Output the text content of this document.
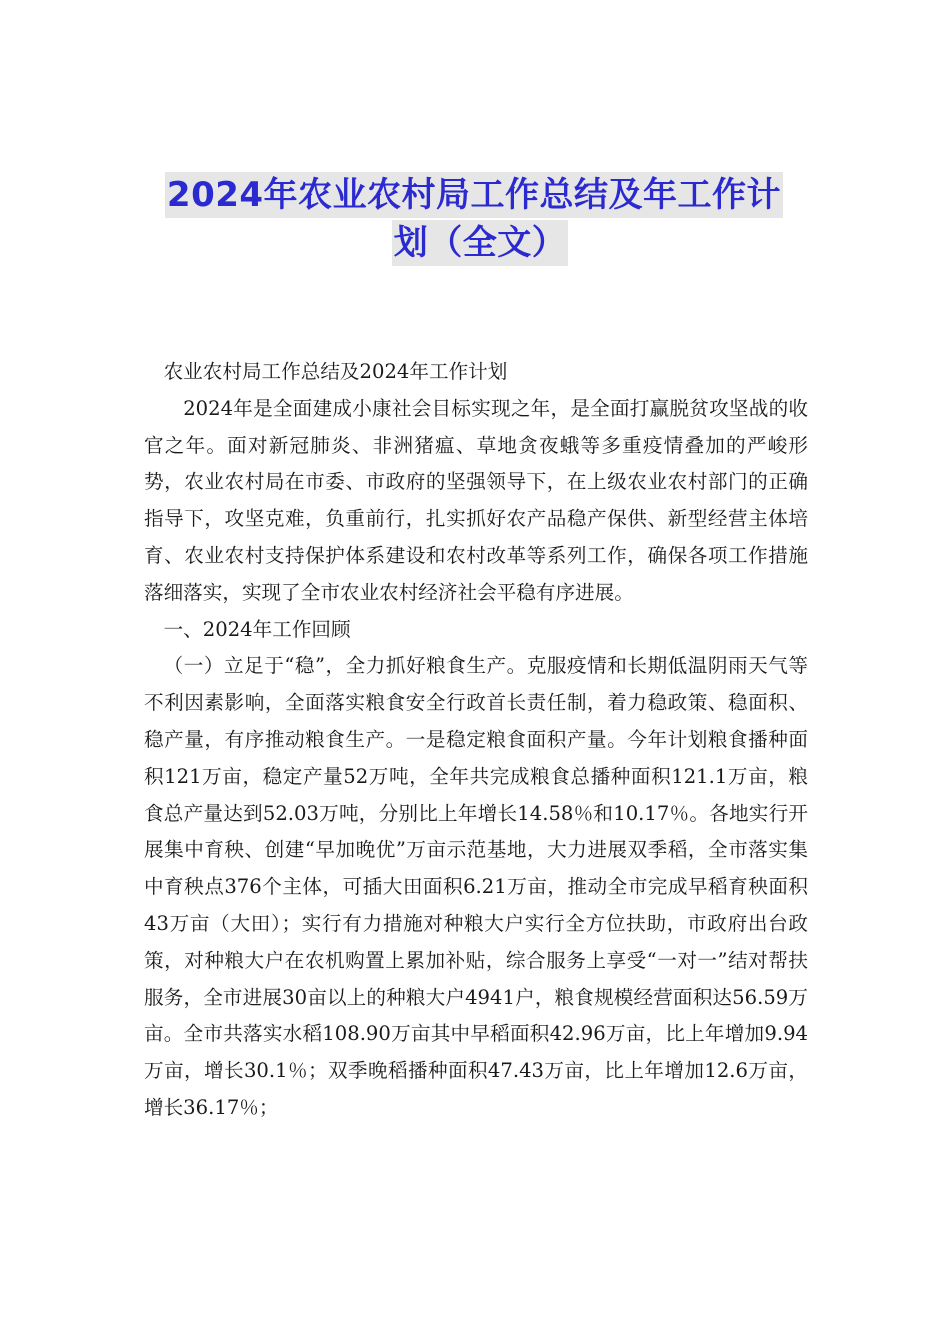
2024年农业农村局工作总结及年工作计
划（全文）

农业农村局工作总结及2024年工作计划

2024年是全面建成小康社会目标实现之年，是全面打赢脱贫攻坚战的收官之年。面对新冠肺炎、非洲猪瘟、草地贪夜蛾等多重疫情叠加的严峻形势，农业农村局在市委、市政府的坚强领导下，在上级农业农村部门的正确指导下，攻坚克难，负重前行，扎实抓好农产品稳产保供、新型经营主体培育、农业农村支持保护体系建设和农村改革等系列工作，确保各项工作措施落细落实，实现了全市农业农村经济社会平稳有序进展。

一、2024年工作回顾

（一）立足于“稳”，全力抓好粮食生产。克服疫情和长期低温阴雨天气等不利因素影响，全面落实粮食安全行政首长责任制，着力稳政策、稳面积、稳产量，有序推动粮食生产。一是稳定粮食面积产量。今年计划粮食播种面积121万亩，稳定产量52万吨，全年共完成粮食总播种面积121.1万亩，粮食总产量达到52.03万吨，分别比上年增长14.58％和10.17％。各地实行开展集中育秧、创建“早加晚优”万亩示范基地，大力进展双季稻，全市落实集中育秧点376个主体，可插大田面积6.21万亩，推动全市完成早稻育秧面积43万亩（大田）；实行有力措施对种粮大户实行全方位扶助，市政府出台政策，对种粮大户在农机购置上累加补贴，综合服务上享受“一对一”结对帮扶服务，全市进展30亩以上的种粮大户4941户，粮食规模经营面积达56.59万亩。全市共落实水稻108.90万亩其中早稻面积42.96万亩，比上年增加9.94万亩，增长30.1％；双季晚稻播种面积47.43万亩，比上年增加12.6万亩，增长36.17％；
